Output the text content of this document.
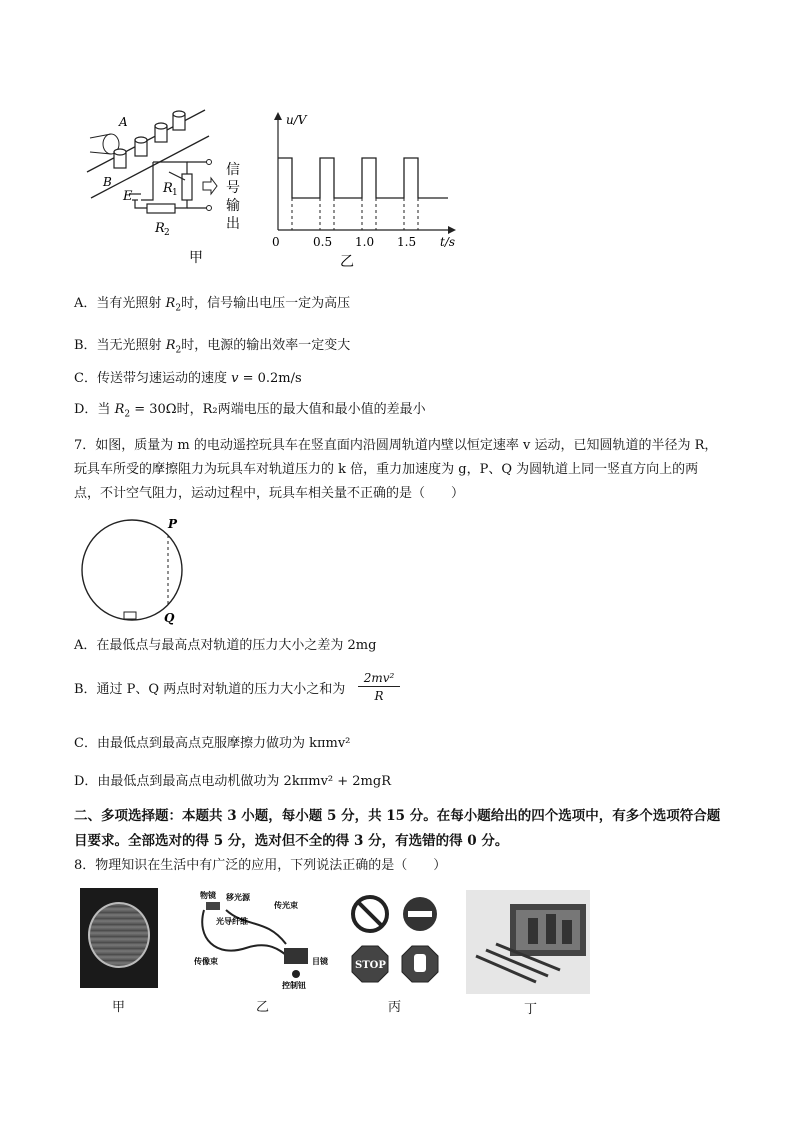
A
B
E
R 1
R 2
信
号
输
出
甲
u/V
t/s
0	0.5 1.0 1.5
乙
A．当有光照射 $R_2$时，信号输出电压一定为高压
B．当无光照射 $R_2$时，电源的输出效率一定变大
C．传送带匀速运动的速度 v = 0.2m/s
D．当 $R_2 = 30\Omega$时，R₂两端电压的最大值和最小值的差最小
7．如图，质量为 m 的电动遥控玩具车在竖直面内沿圆周轨道内壁以恒定速率 v 运动，已知圆轨道的半径为 R，玩具车所受的摩擦阻力为玩具车对轨道压力的 k 倍，重力加速度为 g，P、Q 为圆轨道上同一竖直方向上的两点，不计空气阻力，运动过程中，玩具车相关量不正确的是（　　）
P
Q
A．在最低点与最高点对轨道的压力大小之差为 2mg
B．通过 P、Q 两点时对轨道的压力大小之和为
2mv²
R
C．由最低点到最高点克服摩擦力做功为 kπmv²
D．由最低点到最高点电动机做功为 2kπmv² + 2mgR
二、多项选择题：本题共 3 小题，每小题 5 分，共 15 分。在每小题给出的四个选项中，有多个选项符合题目要求。全部选对的得 5 分，选对但不全的得 3 分，有选错的得 0 分。
8．物理知识在生活中有广泛的应用，下列说法正确的是（　　）
甲
物镜 移光源
传光束
光导纤维
传像束	目镜
控制钮
乙
STOP
丙	丁
